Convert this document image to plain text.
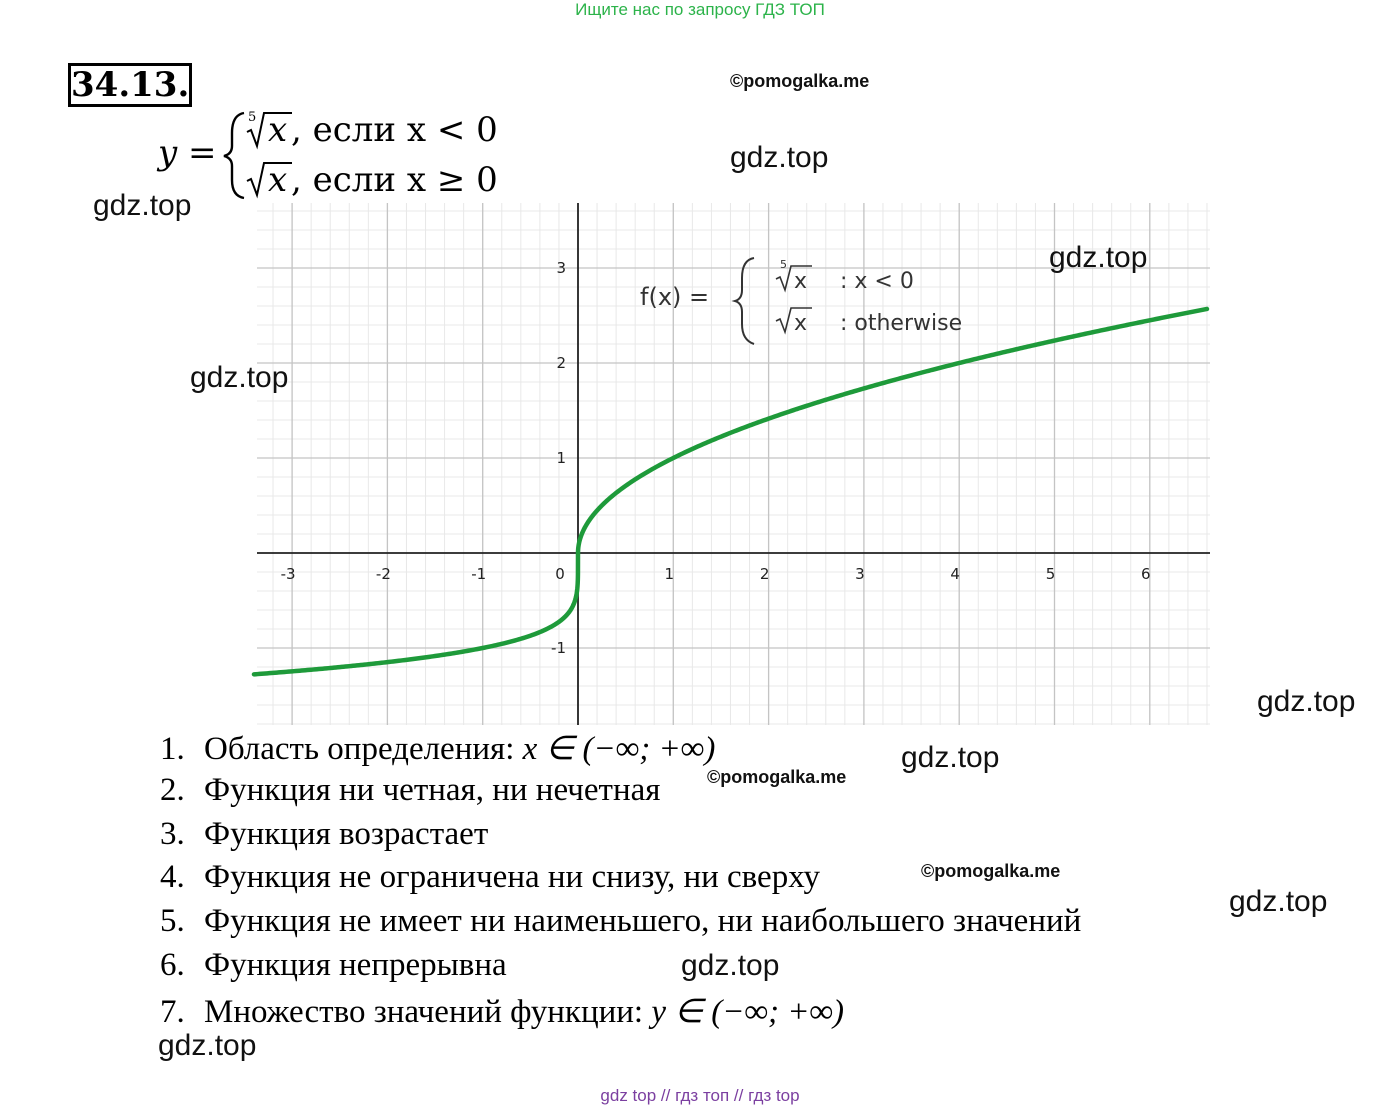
Ищите нас по запросу ГДЗ ТОП
34.13.
-3	-2	-1	0	1	2	3	4	5	6
3
2
1
-1
f(x) =
5
x : x < 0
x : otherwise
y =
5 x , если x < 0
x , если x ≥ 0
©pomogalka.me
gdz.top
gdz.top
gdz.top
gdz.top
gdz.top
gdz.top
©pomogalka.me
©pomogalka.me
gdz.top
gdz.top
gdz.top
1. Область определения: x ∈ (−∞; +∞)
2. Функция ни четная, ни нечетная
3. Функция возрастает
4. Функция не ограничена ни снизу, ни сверху
5. Функция не имеет ни наименьшего, ни наибольшего значений
6. Функция непрерывна
7. Множество значений функции: y ∈ (−∞; +∞)
gdz top // гдз топ // гдз top
